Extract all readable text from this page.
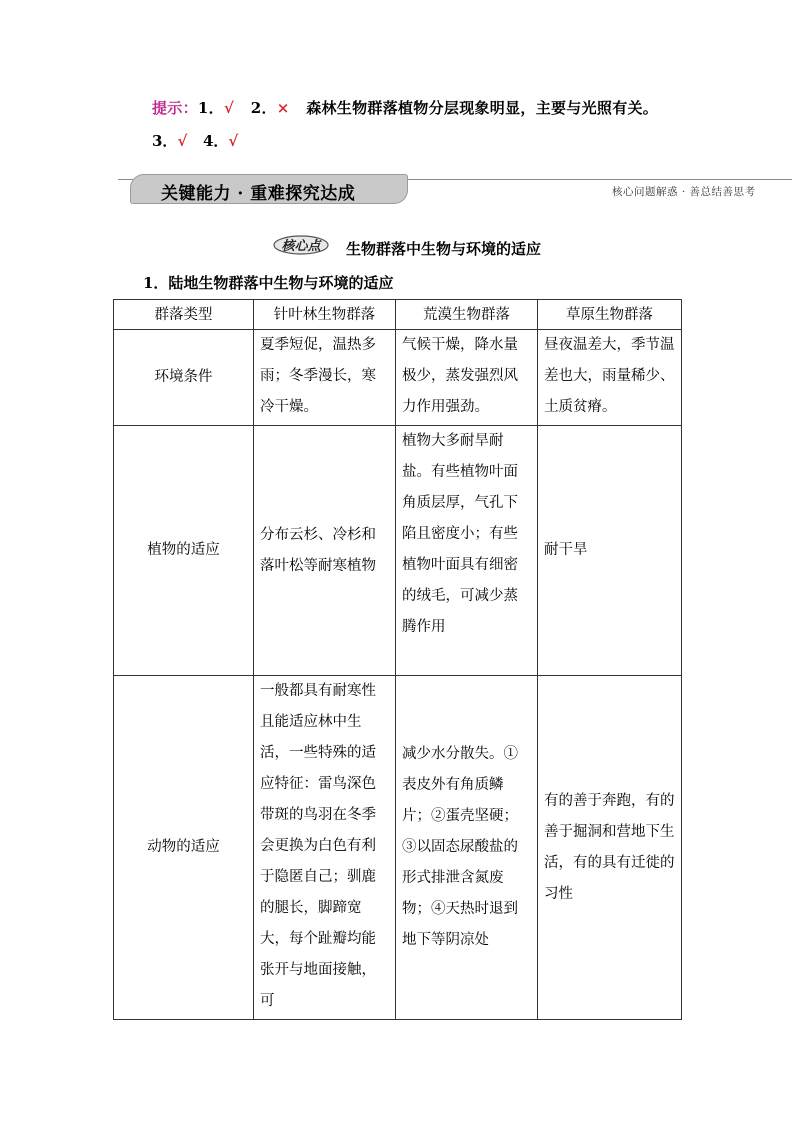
提示：1．√ 2．× 森林生物群落植物分层现象明显，主要与光照有关。
3．√ 4．√
关键能力 · 重难探究达成	核心问题解惑 · 善总结善思考
核心点 生物群落中生物与环境的适应
1．陆地生物群落中生物与环境的适应
群落类型	针叶林生物群落	荒漠生物群落	草原生物群落
环境条件	夏季短促，温热多雨；冬季漫长，寒冷干燥。	气候干燥，降水量极少，蒸发强烈风力作用强劲。	昼夜温差大，季节温差也大，雨量稀少、土质贫瘠。
植物的适应	分布云杉、冷杉和落叶松等耐寒植物	植物大多耐旱耐盐。有些植物叶面角质层厚，气孔下陷且密度小；有些植物叶面具有细密的绒毛，可减少蒸腾作用	耐干旱
动物的适应	一般都具有耐寒性且能适应林中生活，一些特殊的适应特征：雷鸟深色带斑的鸟羽在冬季会更换为白色有利于隐匿自己；驯鹿的腿长，脚蹄宽大，每个趾瓣均能张开与地面接触，可	减少水分散失。①表皮外有角质鳞片；②蛋壳坚硬；③以固态尿酸盐的形式排泄含氮废物；④天热时退到地下等阴凉处	有的善于奔跑，有的善于掘洞和营地下生活，有的具有迁徙的习性
